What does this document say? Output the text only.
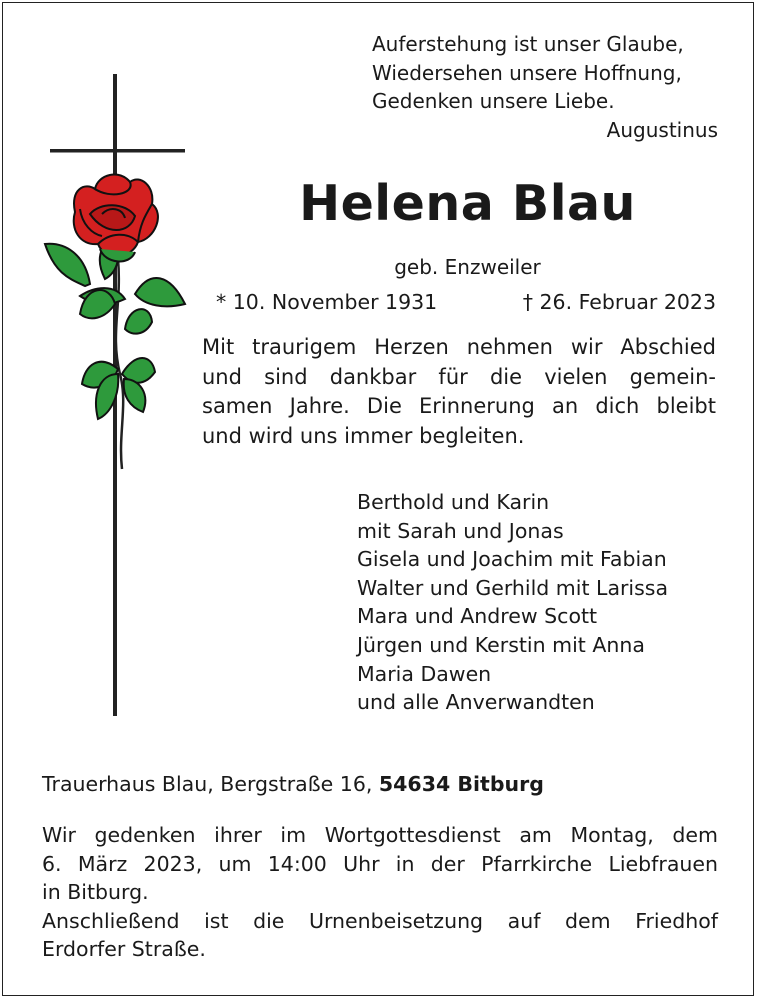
Auferstehung ist unser Glaube,
Wiedersehen unsere Hoffnung,
Gedenken unsere Liebe.
Augustinus
Helena Blau
geb. Enzweiler
* 10. November 1931	† 26. Februar 2023
Mit traurigem Herzen nehmen wir Abschied
und sind dankbar für die vielen gemein-
samen Jahre. Die Erinnerung an dich bleibt
und wird uns immer begleiten.
Berthold und Karin
mit Sarah und Jonas
Gisela und Joachim mit Fabian
Walter und Gerhild mit Larissa
Mara und Andrew Scott
Jürgen und Kerstin mit Anna
Maria Dawen
und alle Anverwandten
Trauerhaus Blau, Bergstraße 16, 54634 Bitburg
Wir gedenken ihrer im Wortgottesdienst am Montag, dem
6. März 2023, um 14:00 Uhr in der Pfarrkirche Liebfrauen
in Bitburg.
Anschließend ist die Urnenbeisetzung auf dem Friedhof
Erdorfer Straße.
